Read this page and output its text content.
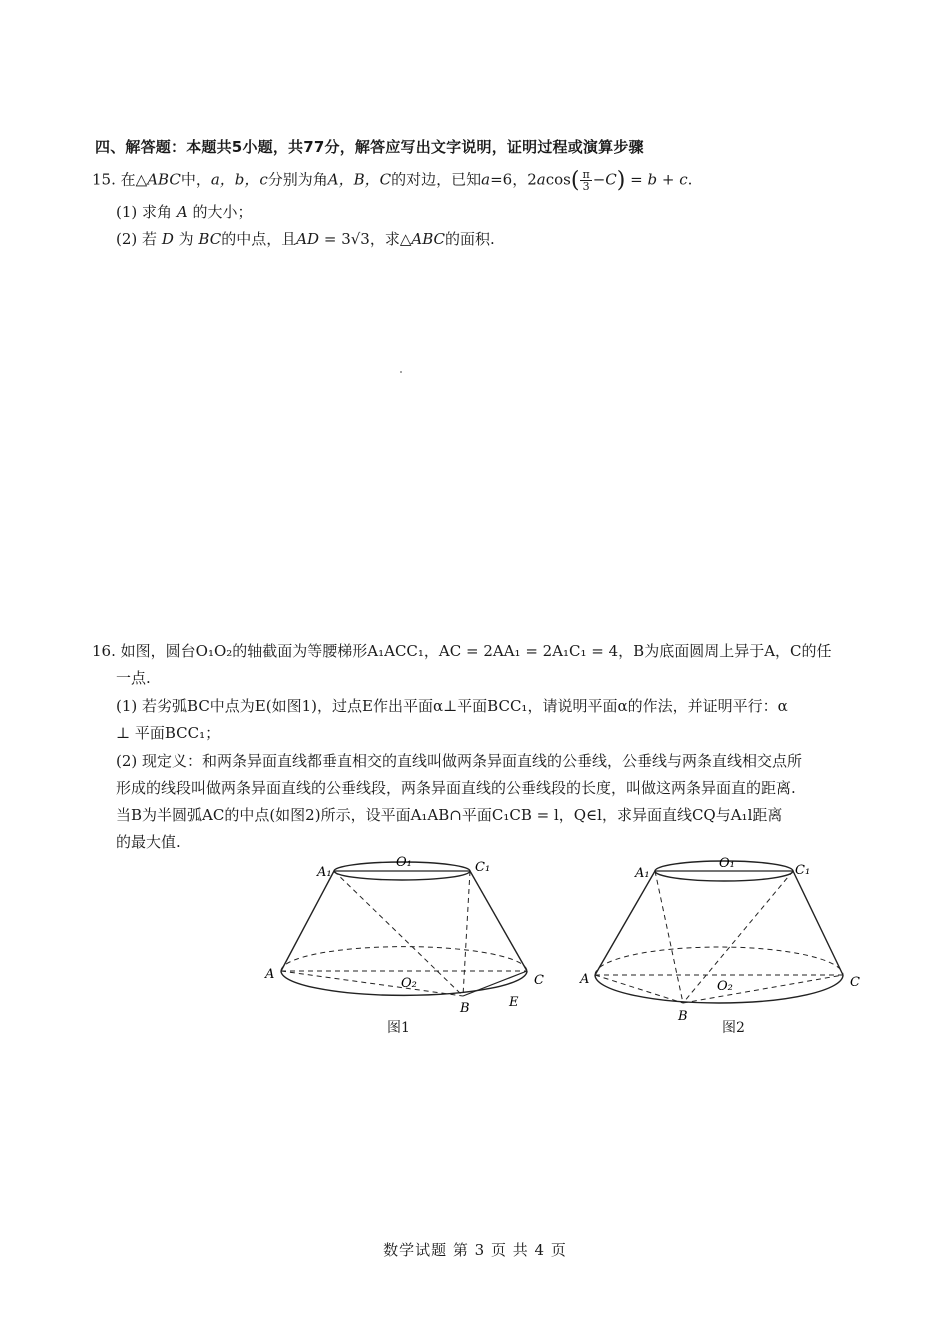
四、解答题：本题共5小题，共77分，解答应写出文字说明，证明过程或演算步骤
15. 在△ABC中，a，b，c分别为角A，B，C的对边，已知a=6，$2acos( \frac{\pi}{3} -C) = b + c$.
(1) 求角 A 的大小；
(2) 若 D 为 BC的中点，且AD = 3√3，求△ABC的面积.
16. 如图，圆台O₁O₂的轴截面为等腰梯形A₁ACC₁，AC = 2AA₁ = 2A₁C₁ = 4，B为底面圆周上异于A，C的任
一点.
(1) 若劣弧BC中点为E(如图1)，过点E作出平面α⊥平面BCC₁，请说明平面α的作法，并证明平行：α
⊥ 平面BCC₁；
(2) 现定义：和两条异面直线都垂直相交的直线叫做两条异面直线的公垂线，公垂线与两条直线相交点所
形成的线段叫做两条异面直线的公垂线段，两条异面直线的公垂线段的长度，叫做这两条异面直的距离.
当B为半圆弧AC的中点(如图2)所示，设平面A₁AB∩平面C₁CB = l，Q∈l，求异面直线CQ与A₁l距离
的最大值.
A₁
O₁	C₁
A
O₂	C
B	E
图1
A₁
O₁	C₁
A	O₂	C
B
图2
数学试题 第 3 页 共 4 页
